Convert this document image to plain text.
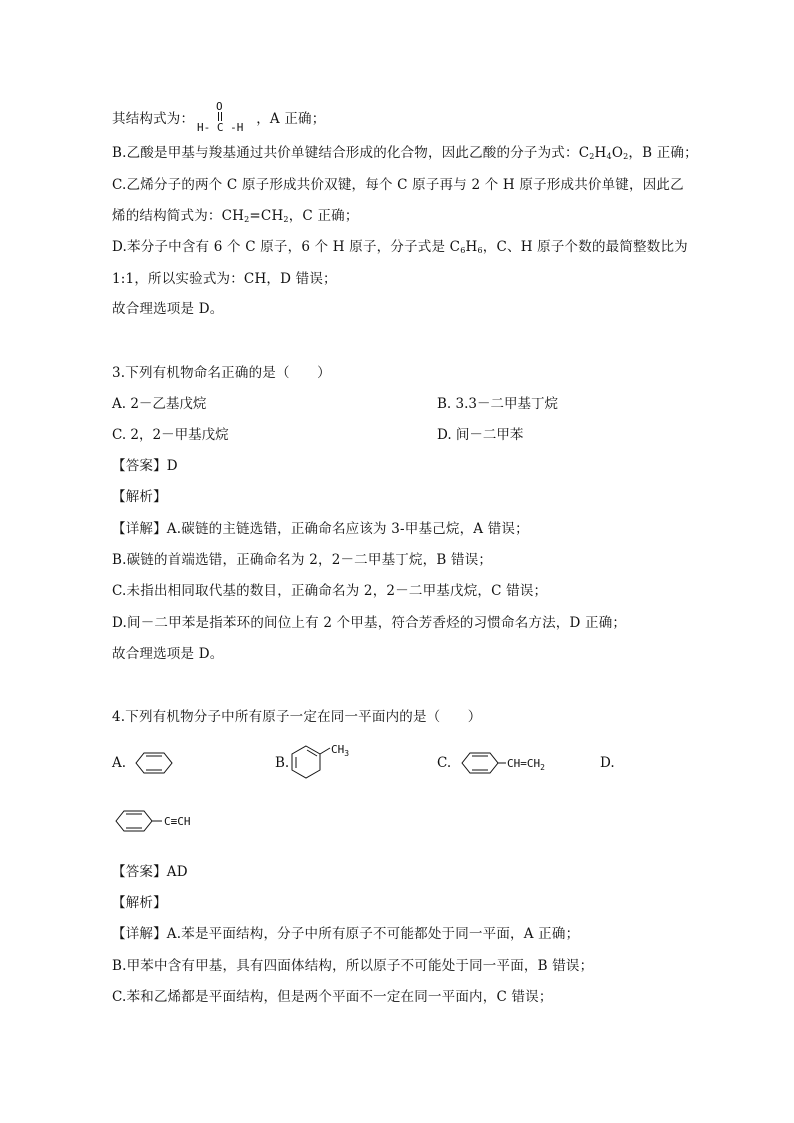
其结构式为：	，A 正确；
O
H- C -H
B.乙酸是甲基与羧基通过共价单键结合形成的化合物，因此乙酸的分子为式：$C_2H_4O_2$，B 正确；
C.乙烯分子的两个 C 原子形成共价双键，每个 C 原子再与 2 个 H 原子形成共价单键，因此乙
烯的结构简式为：$CH_2=CH_2$，C 正确；
D.苯分子中含有 6 个 C 原子，6 个 H 原子，分子式是 $C_6H_6$，C、H 原子个数的最简整数比为
1:1，所以实验式为：CH，D 错误；
故合理选项是 D。
3.下列有机物命名正确的是（　　）
A. 2－乙基戊烷	B. 3.3－二甲基丁烷
C. 2，2－甲基戊烷	D. 间－二甲苯
【答案】D
【解析】
【详解】A.碳链的主链选错，正确命名应该为 3-甲基己烷，A 错误；
B.碳链的首端选错，正确命名为 2，2－二甲基丁烷，B 错误；
C.未指出相同取代基的数目，正确命名为 2，2－二甲基戊烷，C 错误；
D.间－二甲苯是指苯环的间位上有 2 个甲基，符合芳香烃的习惯命名方法，D 正确；
故合理选项是 D。
4.下列有机物分子中所有原子一定在同一平面内的是（　　）
A.	B.
$CH_3$
C.	$CH=CH_2$	D.
C≡CH
【答案】AD
【解析】
【详解】A.苯是平面结构，分子中所有原子不可能都处于同一平面，A 正确；
B.甲苯中含有甲基，具有四面体结构，所以原子不可能处于同一平面，B 错误；
C.苯和乙烯都是平面结构，但是两个平面不一定在同一平面内，C 错误；
